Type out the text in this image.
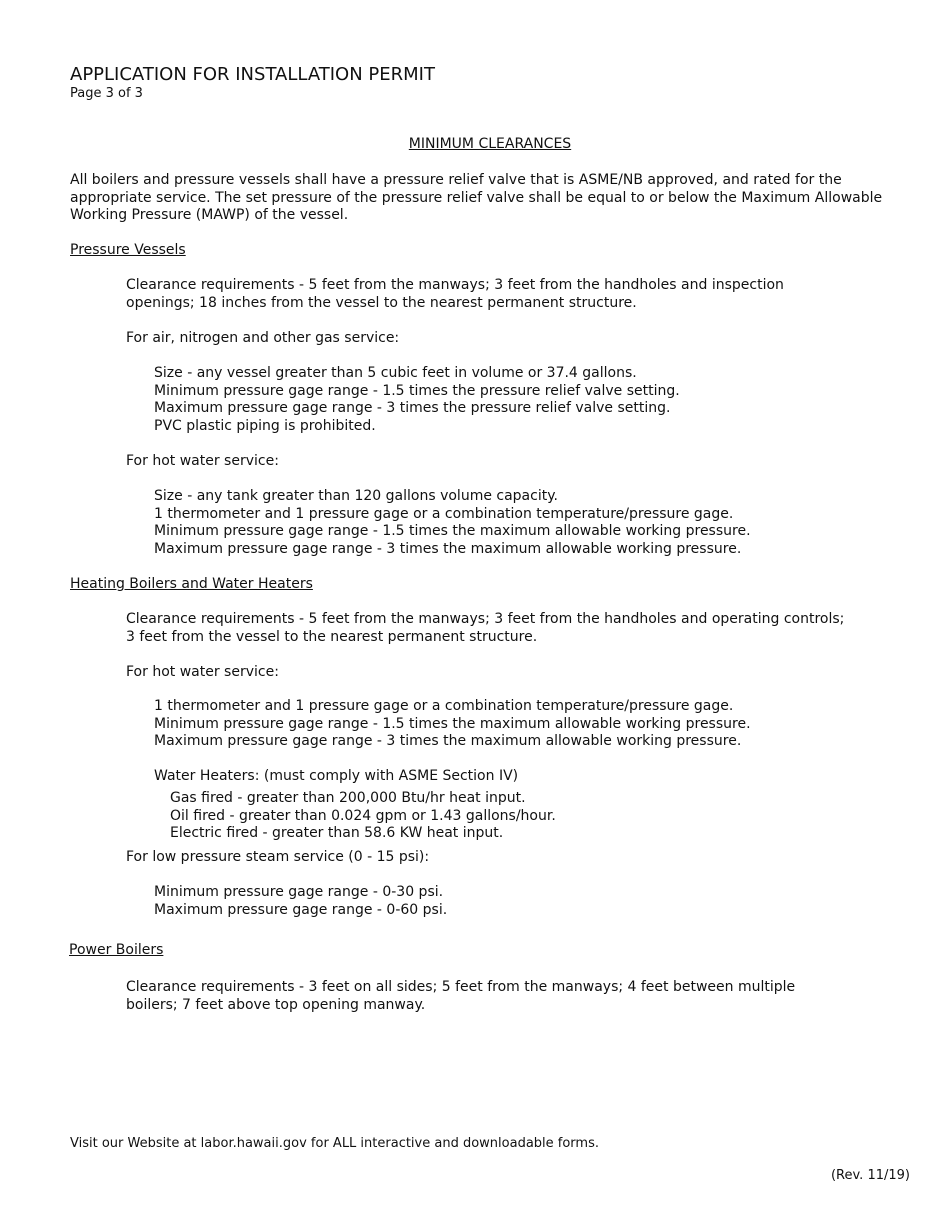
APPLICATION FOR INSTALLATION PERMIT
Page 3 of 3
MINIMUM CLEARANCES
All boilers and pressure vessels shall have a pressure relief valve that is ASME/NB approved, and rated for the
appropriate service. The set pressure of the pressure relief valve shall be equal to or below the Maximum Allowable
Working Pressure (MAWP) of the vessel.
Pressure Vessels
Clearance requirements - 5 feet from the manways; 3 feet from the handholes and inspection
openings; 18 inches from the vessel to the nearest permanent structure.
For air, nitrogen and other gas service:
Size - any vessel greater than 5 cubic feet in volume or 37.4 gallons.
Minimum pressure gage range - 1.5 times the pressure relief valve setting.
Maximum pressure gage range - 3 times the pressure relief valve setting.
PVC plastic piping is prohibited.
For hot water service:
Size - any tank greater than 120 gallons volume capacity.
1 thermometer and 1 pressure gage or a combination temperature/pressure gage.
Minimum pressure gage range - 1.5 times the maximum allowable working pressure.
Maximum pressure gage range - 3 times the maximum allowable working pressure.
Heating Boilers and Water Heaters
Clearance requirements - 5 feet from the manways; 3 feet from the handholes and operating controls;
3 feet from the vessel to the nearest permanent structure.
For hot water service:
1 thermometer and 1 pressure gage or a combination temperature/pressure gage.
Minimum pressure gage range - 1.5 times the maximum allowable working pressure.
Maximum pressure gage range - 3 times the maximum allowable working pressure.
Water Heaters: (must comply with ASME Section IV)
Gas fired - greater than 200,000 Btu/hr heat input.
Oil fired - greater than 0.024 gpm or 1.43 gallons/hour.
Electric fired - greater than 58.6 KW heat input.
For low pressure steam service (0 - 15 psi):
Minimum pressure gage range - 0-30 psi.
Maximum pressure gage range - 0-60 psi.
Power Boilers
Clearance requirements - 3 feet on all sides; 5 feet from the manways; 4 feet between multiple
boilers; 7 feet above top opening manway.
Visit our Website at labor.hawaii.gov for ALL interactive and downloadable forms.
(Rev. 11/19)
